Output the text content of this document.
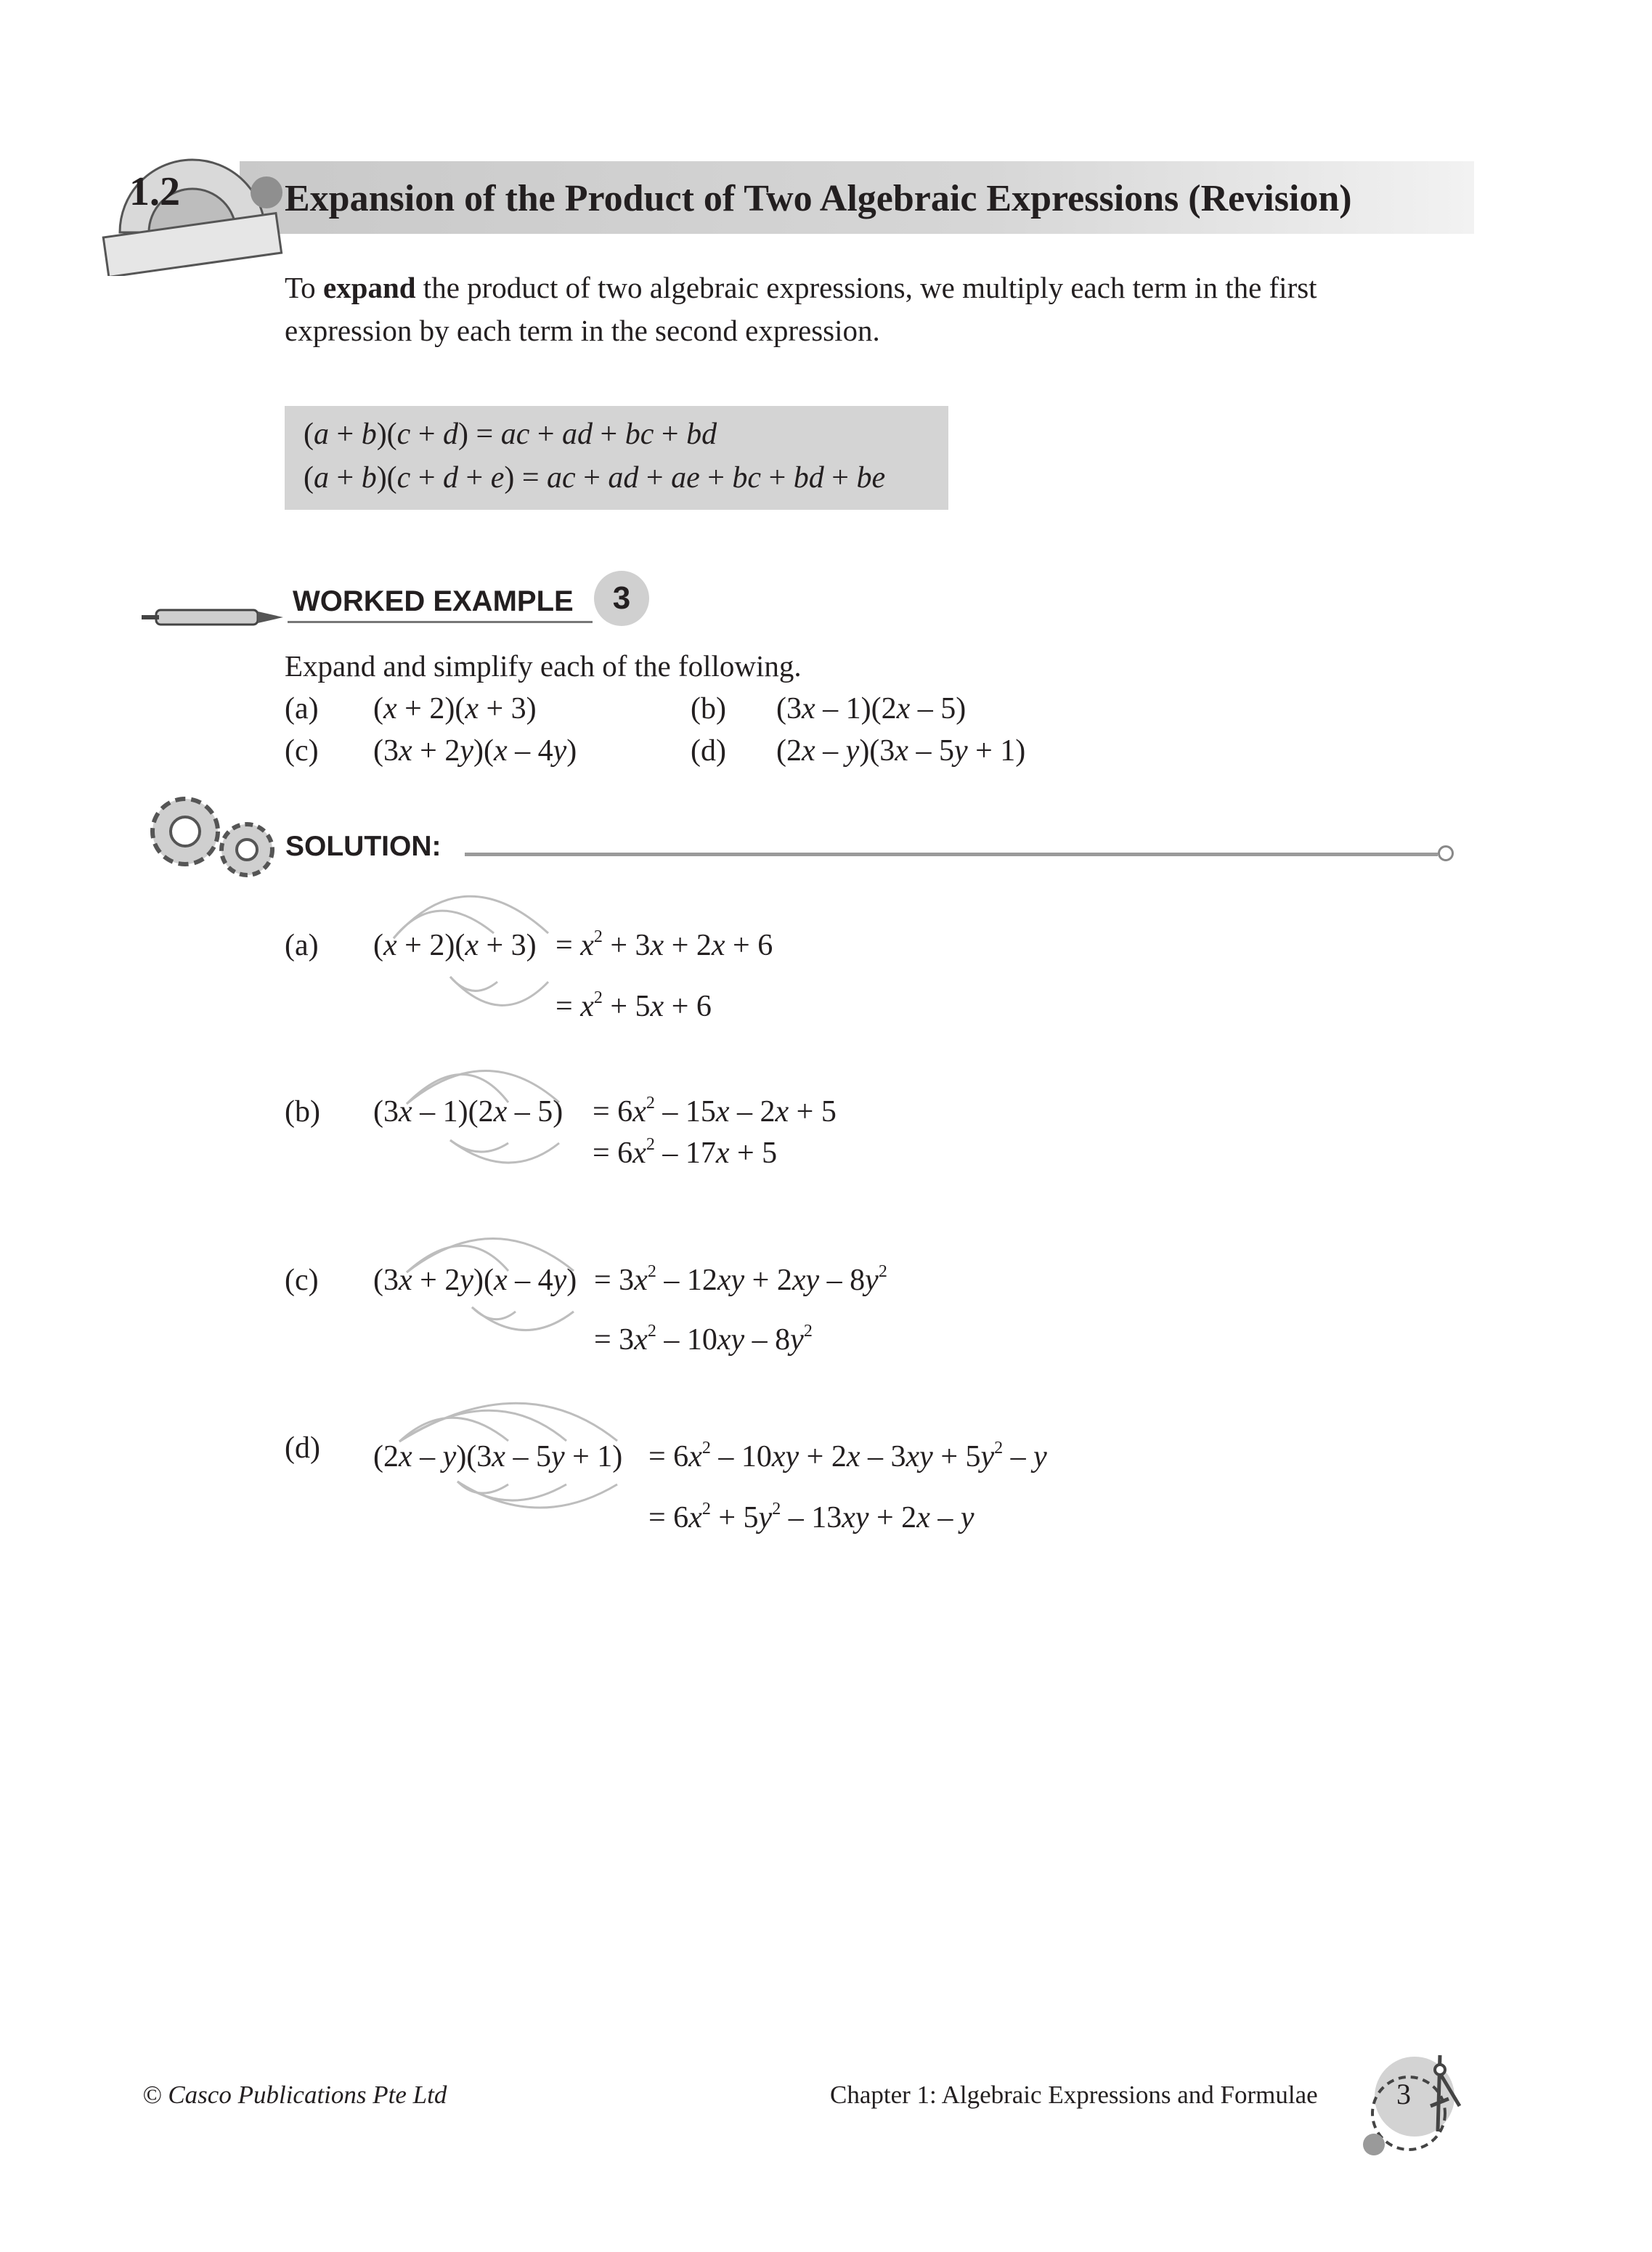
1.2	Expansion of the Product of Two Algebraic Expressions (Revision)
To expand the product of two algebraic expressions, we multiply each term in the first
expression by each term in the second expression.
(a + b)(c + d) = ac + ad + bc + bd
(a + b)(c + d + e) = ac + ad + ae + bc + bd + be
WORKED EXAMPLE	3
Expand and simplify each of the following.
(a) (x + 2)(x + 3)	(b) (3x – 1)(2x – 5)
(c) (3x + 2y)(x – 4y)	(d) (2x – y)(3x – 5y + 1)
SOLUTION:
(a) $(x + 2)(x + 3) = x^2 + 3x + 2x + 6$
= $x^2 + 5x + 6$
(b) $(3x - 1)(2x - 5) = 6x^2 - 15x - 2x + 5$
= $6x^2 - 17x + 5$
(c) $(3x + 2y)(x - 4y) = 3x^2 - 12xy + 2xy - 8y^2$
= $3x^2 - 10xy - 8y^2$
(d) $(2x - y)(3x - 5y + 1) = 6x^2 - 10xy + 2x - 3xy + 5y^2 - y$
= $6x^2 + 5y^2 - 13xy + 2x - y$
© Casco Publications Pte Ltd	Chapter 1: Algebraic Expressions and Formulae	3
